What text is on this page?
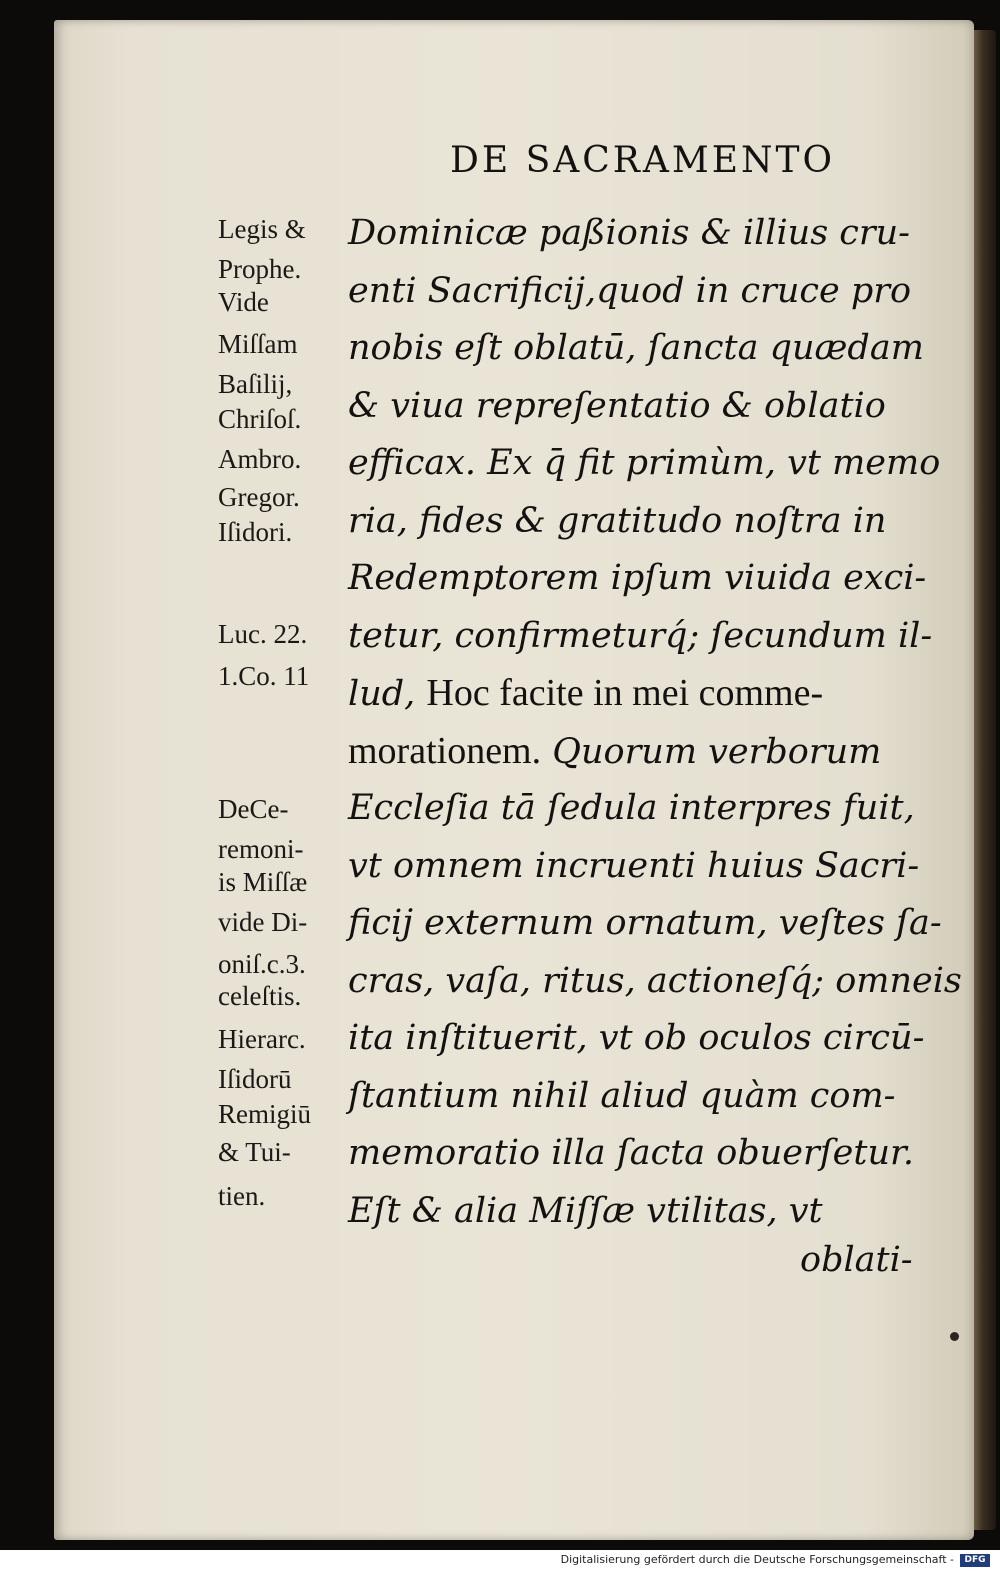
DE SACRAMENTO
Legis &
Prophe.
Vide
Miſſam
Baſilij,
Chriſoſ.
Ambro.
Gregor.
Iſidori.
Luc. 22.
1.Co. 11
DeCe-
remoni-
is Miſſæ
vide Di-
oniſ.c.3.
celeſtis.
Hierarc.
Iſidorū
Remigiū
& Tui-
tien.
Dominicæ paßionis & illius cru-
enti Sacrificij,quod in cruce pro
nobis eſt oblatū, ſancta quædam
& viua repreſentatio & oblatio
efficax. Ex q̄ fit primùm, vt memo
ria, fides & gratitudo noſtra in
Redemptorem ipſum viuida exci-
tetur, confirmeturq́; ſecundum il-
lud, Hoc facite in mei comme-
morationem. Quorum verborum
Eccleſia tā ſedula interpres fuit,
vt omnem incruenti huius Sacri-
ficij externum ornatum, veſtes ſa-
cras, vaſa, ritus, actioneſq́; omneis
ita inſtituerit, vt ob oculos circū-
ſtantium nihil aliud quàm com-
memoratio illa ſacta obuerſetur.
Eſt & alia Miſſæ vtilitas, vt
oblati-
Digitalisierung gefördert durch die Deutsche Forschungsgemeinschaft -	DFG
